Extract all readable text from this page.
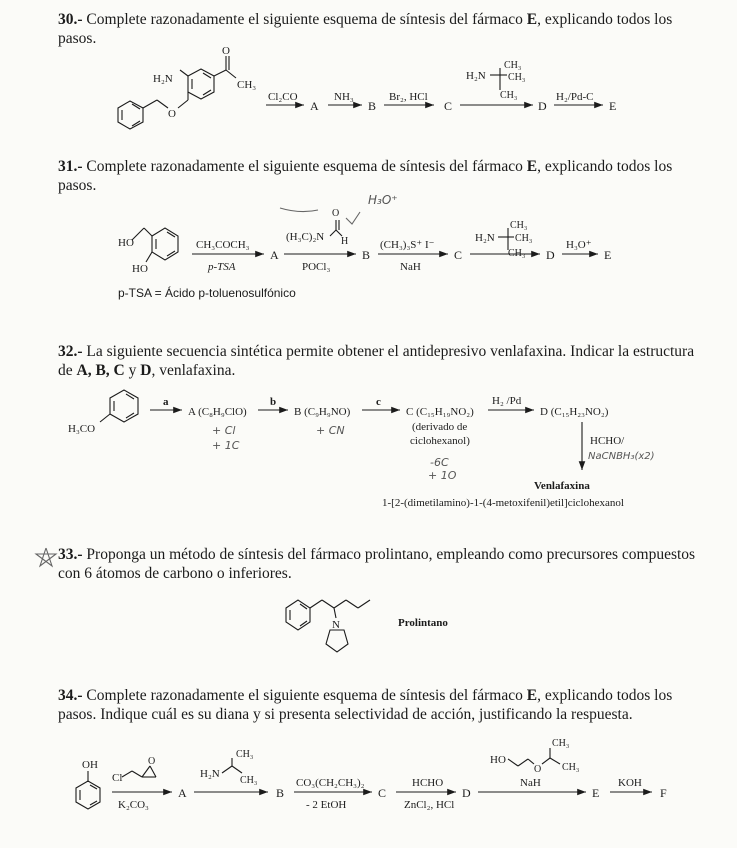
30.- Complete razonadamente el siguiente esquema de síntesis del fármaco E, explicando todos los pasos.
O
H₂N
O
CH₃
Cl₂CO
A
NH₃
B
Br₂, HCl
C
H₂N
CH₃
CH₃
CH₃
D
H₂/Pd-C
E
HO
HO
CH₃COCH₃
p-TSA
A
(H₃C)₂N
O
H
POCl₃
B
(CH₃)₃S⁺ I⁻
NaH
C
H₂N
CH₃
CH₃
CH₃ D
H₃O⁺
E
H₃O⁺
H₃CO
a
A (C₈H₉ClO)
b
B (C₉H₉NO)
c
C (C₁₅H₁₉NO₂)
(derivado de
ciclohexanol)
H₂ /Pd
D (C₁₅H₂₃NO₂)
HCHO/
NaCNBH₃(x2)
+ Cl
+ 1C
+ CN
-6C
+ 1O
Venlafaxina
1-[2-(dimetilamino)-1-(4-metoxifenil)etil]ciclohexanol
N	Prolintano
OH
Cl
O
K₂CO₃
A
H₂N
CH₃
CH₃
B
CO₃(CH₂CH₃)₂
- 2 EtOH
C
HCHO
ZnCl₂, HCl
D
HO
O
CH₃
CH₃
NaH
E
KOH
F
31.- Complete razonadamente el siguiente esquema de síntesis del fármaco E, explicando todos los pasos.
p-TSA = Ácido p-toluenosulfónico
32.- La siguiente secuencia sintética permite obtener el antidepresivo venlafaxina. Indicar la estructura de A, B, C y D, venlafaxina.
33.- Proponga un método de síntesis del fármaco prolintano, empleando como precursores compuestos con 6 átomos de carbono o inferiores.
34.- Complete razonadamente el siguiente esquema de síntesis del fármaco E, explicando todos los pasos. Indique cuál es su diana y si presenta selectividad de acción, justificando la respuesta.
